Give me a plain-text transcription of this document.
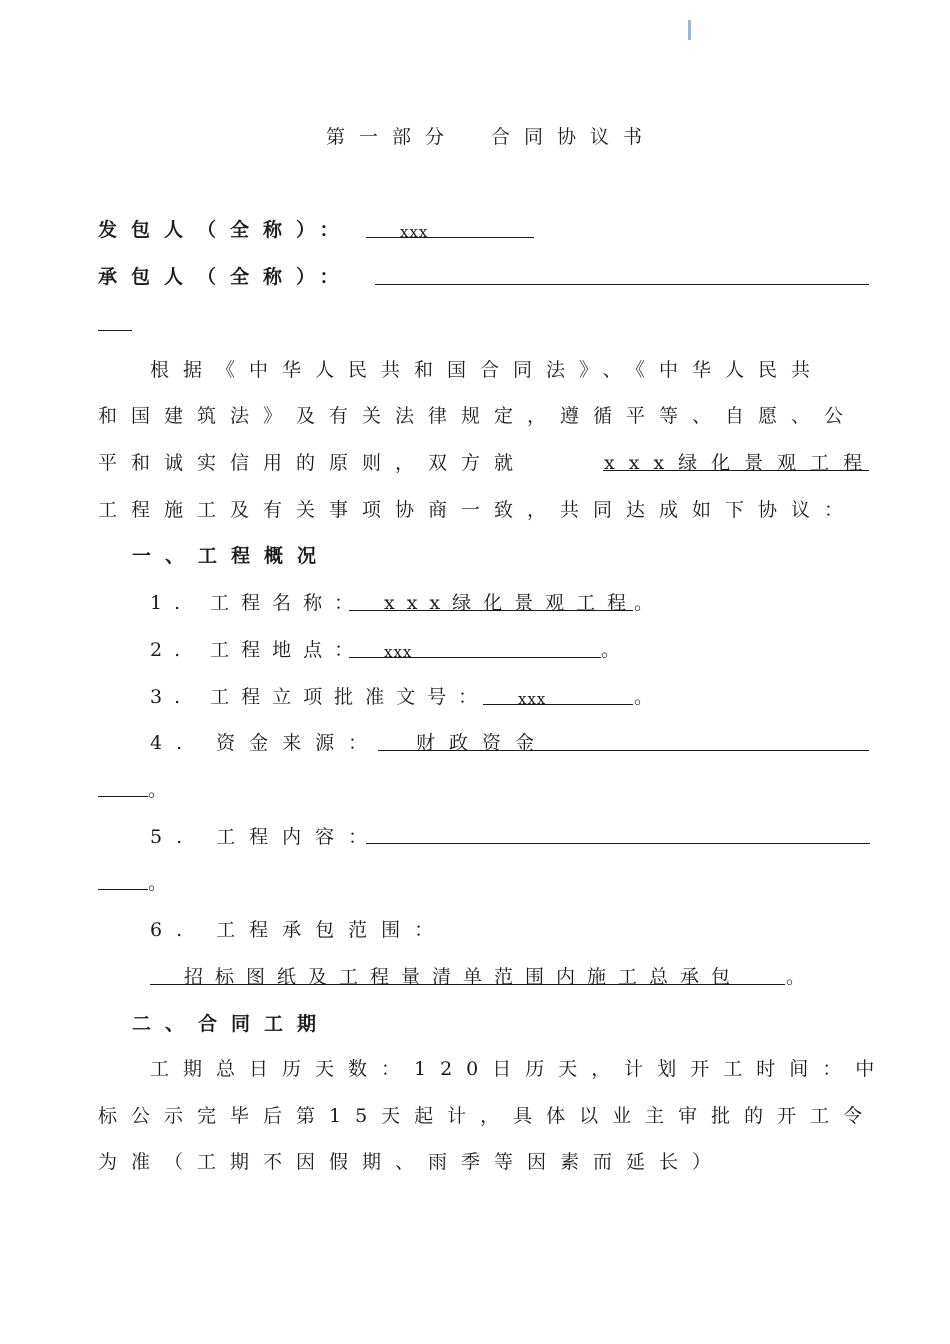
第一部分　合同协议书
发包人（全称）：	xxx
承包人（全称）：
根据《中华人民共和国合同法》、《中华人民共
和国建筑法》及有关法律规定，遵循平等、自愿、公
平和诚实信用的原则，双方就	xxx绿化景观工程
工程施工及有关事项协商一致，共同达成如下协议：
一、工程概况
1. 工程名称： xxx绿化景观工程
。
2. 工程地点： xxx	。
3. 工程立项批准文号： xxx	。
4. 资金来源： 财政资金
。
5. 工程内容：
。
6. 工程承包范围：
招标图纸及工程量清单范围内施工总承包 。
二、合同工期
工期总日历天数：120日历天，计划开工时间：中
标公示完毕后第15天起计，具体以业主审批的开工令
为准（工期不因假期、雨季等因素而延长）
